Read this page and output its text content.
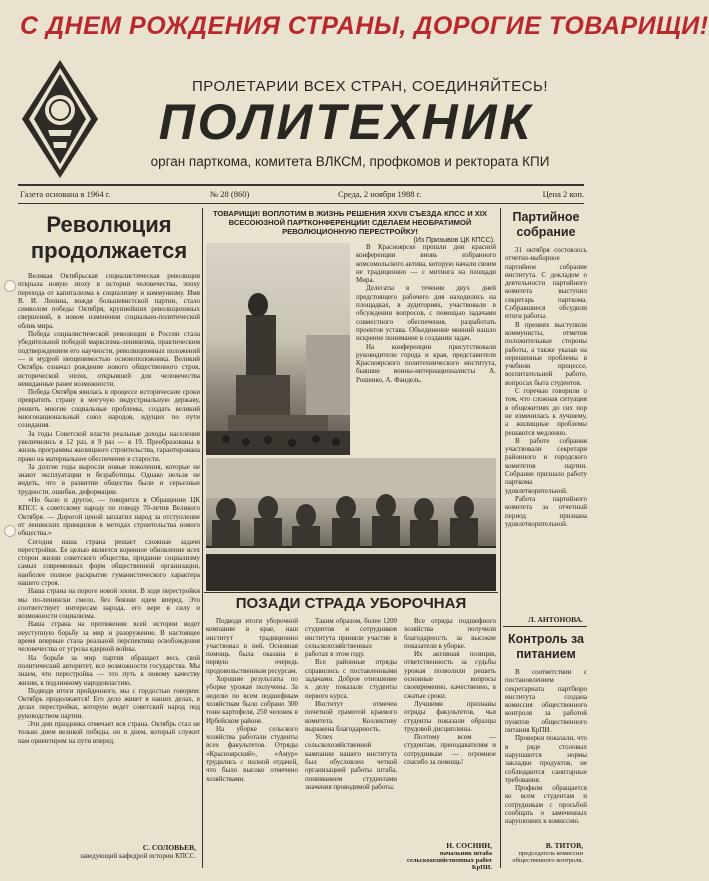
С ДНЕМ РОЖДЕНИЯ СТРАНЫ, ДОРОГИЕ ТОВАРИЩИ!
ПРОЛЕТАРИИ ВСЕХ СТРАН, СОЕДИНЯЙТЕСЬ!
ПОЛИТЕХНИК
орган парткома, комитета ВЛКСМ, профкомов и ректората КПИ
Газета основана в 1964 г.	№ 28 (860)	Среда, 2 ноября 1988 г.	Цена 2 коп.
Революция продолжается

Великая Октябрьская социалистическая революция открыла новую эпоху в истории человечества, эпоху перехода от капитализма к социализму и коммунизму. Имя В. И. Ленина, вождя большевистской партии, стало символом победы Октября, крупнейших революционных свершений, в новом изменения социально-политической облик мира.

Победа социалистической революции в России стала убедительной победой марксизма-ленинизма, практическим подтверждением его научности, революционных положений — и мудрой неоценимостью основоположника. Великий Октябрь означал рождение нового общественного строя, исторической эпохи, открывшей для человечества невиданные ранее возможности.

Победа Октября явилась в процессе исторические сроки превратить страну в могучую индустриальную державу, решить многие социальные проблемы, создать великий многонациональный союз народов, идущих по пути созидания.

За годы Советской власти реальные доходы населения увеличились в 12 раз, в 9 раз — в 19. Преобразованы в жизнь программы жилищного строительства, гарантирована право на материальное обеспечение в старости.

За долгие годы выросли новые поколения, которые не знают эксплуатации и безработицы. Однако нельзя не видеть, что в развитии общества были и серьезные трудности, ошибки, деформации.

«Но было и другое, — говорится в Обращении ЦК КПСС к советскому народу по поводу 70-летия Великого Октября. — Дорогой ценой заплатил народ за отступление от ленинских принципов в методах строительства нового общества.»

Сегодня наша страна решает сложные задачи перестройки. Ее целью является коренное обновление всех сторон жизни советского общества, придание социализму самых современных форм общественной организации, наиболее полное раскрытие гуманистического характера нашего строя.

Наша страна на пороге новой эпохи. В ходе перестройки мы по-ленински смело, без боязни идем вперед. Это соответствует интересам народа, его вере в силу и возможности социализма.

Наша страна на протяжении всей истории ведет неуступную борьбу за мир и разоружение. В настоящее время впервые стала реальной перспектива освобождения человечества от угрозы ядерной войны.

На борьбе за мир партия обращает весь свой политический авторитет, все возможности государства. Мы знаем, что перестройка — это путь к новому качеству жизни, к подлинному народовластию.

Подводя итоги пройденного, мы с гордостью говорим: Октябрь продолжается! Его дело живет в наших делах, в делах перестройки, которую ведет советский народ под руководством партии.

Эти дни праздника отмечает вся страна. Октябрь стал не только днем великой победы, но и днем, который служит нам ориентиром на пути вперед.

С. СОЛОВЬЕВ,

заведующий кафедрой истории КПСС.

ТОВАРИЩИ! ВОПЛОТИМ В ЖИЗНЬ РЕШЕНИЯ XXVII СЪЕЗДА КПСС И XIX ВСЕСОЮЗНОЙ ПАРТКОНФЕРЕНЦИИ! СДЕЛАЕМ НЕОБРАТИМОЙ РЕВОЛЮЦИОННУЮ ПЕРЕСТРОЙКУ!
(Из Призывов ЦК КПСС).

В Красноярске прошли дни красной конференции вновь избранного комсомольского актива, которую начали своим не традиционно — с митинга на площади Мира.

Делегаты в течение двух дней предстоящего рабочего дня находились на площадках, в аудиториях, участвовали в обсуждении вопросов, с помощью задачами совместного обеспечения, разработать проектов устава. Объединение мнений нашло искренне понимание в создании задач.

На конференции присутствовали руководители города и края, представители Красноярского политехнического института, бывшие воины-интернационалисты А. Рошенко, А. Фандель.

Партийное собрание

31 октября состоялось отчетно-выборное партийное собрание института. С докладом о деятельности партийного комитета выступил секретарь парткома. Собравшиеся обсудили итоги работы.

В прениях выступили коммунисты, отметив положительные стороны работы, а также указав на нерешенные проблемы в учебном процессе, воспитательной работе, вопросах быта студентов.

С горечью говорили о том, что сложная ситуация в общежитиях до сих пор не изменилась к лучшему, а жилищные проблемы решаются медленно.

В работе собрания участвовали секретари районного и городского комитетов партии. Собрание признало работу парткома удовлетворительной.

Работа партийного комитета за отчетный период признана удовлетворительной.

Л. АНТОНОВА.

Контроль за питанием

В соответствии с постановлением секретариата партбюро института создана комиссия общественного контроля за работой пунктов общественного питания КрПИ.

Проверки показали, что в ряде столовых нарушаются нормы закладки продуктов, не соблюдаются санитарные требования.

Профком обращается ко всем студентам и сотрудникам с просьбой сообщать о замеченных нарушениях в комиссию.

В. ТИТОВ,

председатель комиссии общественного контроля.

ПОЗАДИ СТРАДА УБОРОЧНАЯ

Подводя итоги уборочной компании в крае, наш институт традиционно участвовал в ней. Основная помощь была оказана в первую очередь продовольственным ресурсам.

Хорошие результаты по уборке урожая получены. За неделю по всем подшефным хозяйствам было собрано 300 тонн картофеля, 250 человек в Ирбейском районе.

На уборке сельского хозяйства работали студенты всех факультетов. Отряды «Красноярский», «Амур» трудились с полной отдачей, что было высоко отмечено хозяйствами.

Таким образом, более 1200 студентов и сотрудников института приняли участие в сельскохозяйственных работах в этом году.

Все районные отряды справились с поставленными задачами. Доброе отношение к делу показали студенты первого курса.

Институт отмечен почетной грамотой краевого комитета. Коллективу выражена благодарность.

Успех сельскохозяйственной кампании нашего института был обусловлен четкой организацией работы штаба, пониманием студентами значения проводимой работы.

Все отряды подшефного хозяйства получили благодарность за высокие показатели в уборке.

Их активная позиция, ответственность за судьбы урожая позволили решить основные вопросы своевременно, качественно, в сжатые сроки.

Лучшими признаны отряды факультетов, чьи студенты показали образцы трудовой дисциплины.

Поэтому всем — студентам, преподавателям и сотрудникам — огромное спасибо за помощь!

Н. СОСНИН,

начальник штаба сельскохозяйственных работ КрПИ.
